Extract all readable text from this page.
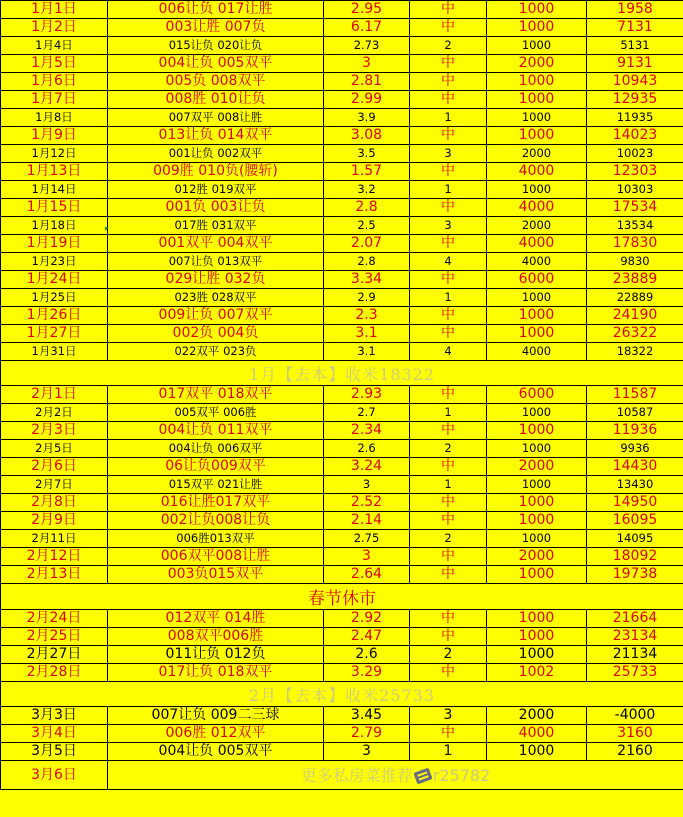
1月1日	006让负 017让胜	2.95	中	1000	1958
1月2日	003让胜 007负	6.17	中	1000	7131
1月4日	015让负 020让负	2.73	2	1000	5131
1月5日	004让负 005双平	3	中	2000	9131
1月6日	005负 008双平	2.81	中	1000	10943
1月7日	008胜 010让负	2.99	中	1000	12935
1月8日	007双平 008让胜	3.9	1	1000	11935
1月9日	013让负 014双平	3.08	中	1000	14023
1月12日	001让负 002双平	3.5	3	2000	10023
1月13日	009胜 010负(腰斩)	1.57	中	4000	12303
1月14日	012胜 019双平	3.2	1	1000	10303
1月15日	001负 003让负	2.8	中	4000	17534
1月18日	017胜 031双平	2.5	3	2000	13534
1月19日	001双平 004双平	2.07	中	4000	17830
1月23日	007让负 013双平	2.8	4	4000	9830
1月24日	029让胜 032负	3.34	中	6000	23889
1月25日	023胜 028双平	2.9	1	1000	22889
1月26日	009让负 007双平	2.3	中	1000	24190
1月27日	002负 004负	3.1	中	1000	26322
1月31日	022双平 023负	3.1	4	4000	18322
1月【去本】收米18322					
2月1日	017双平 018双平	2.93	中	6000	11587
2月2日	005双平 006胜	2.7	1	1000	10587
2月3日	004让负 011双平	2.34	中	1000	11936
2月5日	004让负 006双平	2.6	2	1000	9936
2月6日	06让负009双平	3.24	中	2000	14430
2月7日	015双平 021让胜	3	1	1000	13430
2月8日	016让胜017双平	2.52	中	1000	14950
2月9日	002让负008让负	2.14	中	1000	16095
2月11日	006胜013双平	2.75	2	1000	14095
2月12日	006双平008让胜	3	中	2000	18092
2月13日	003负015双平	2.64	中	1000	19738
春节休市					
2月24日	012双平 014胜	2.92	中	1000	21664
2月25日	008双平006胜	2.47	中	1000	23134
2月27日	011让负 012负	2.6	2	1000	21134
2月28日	017让负 018双平	3.29	中	1002	25733
2月【去本】收米25733					
3月3日	007让负 009二三球	3.45	3	2000	-4000
3月4日	006胜 012双平	2.79	中	4000	3160
3月5日	004让负 005双平	3	1	1000	2160
3月6日	更多私房菜推荐 r25782				
